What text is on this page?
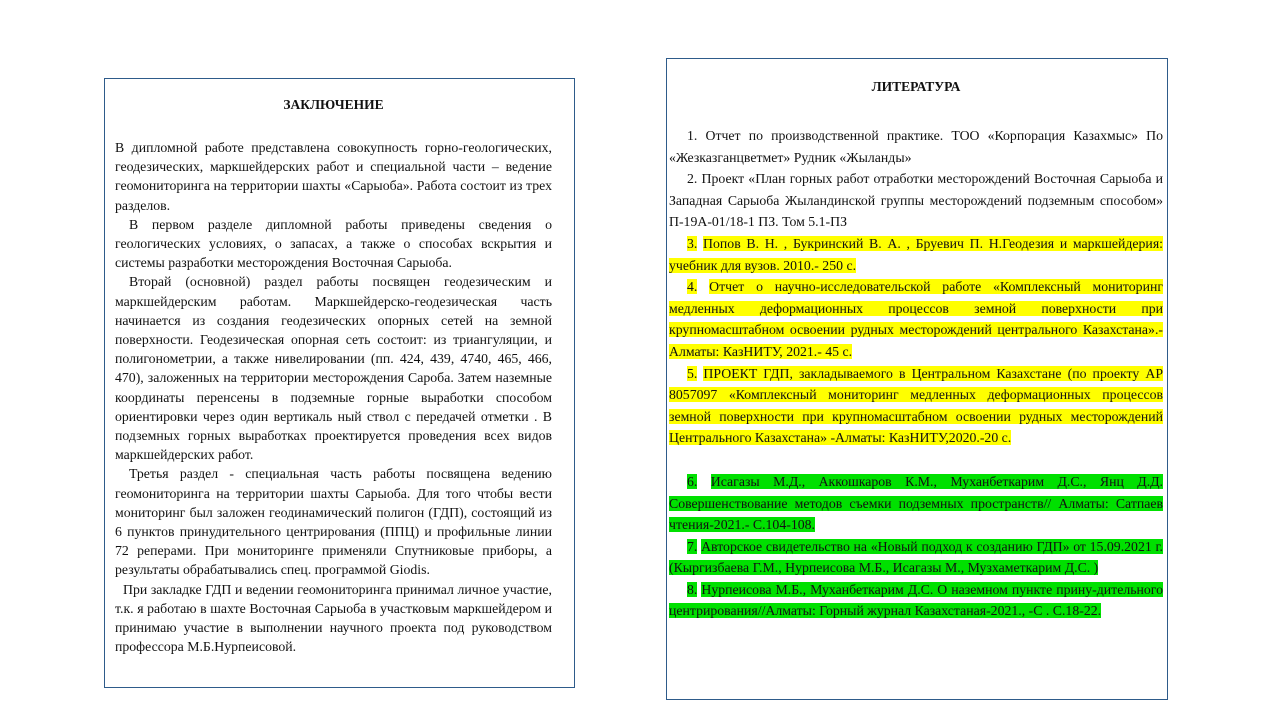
ЗАКЛЮЧЕНИЕ

В дипломной работе представлена совокупность горно-геологических, геодезических, маркшейдерских работ и специальной части – ведение геомониторинга на территории шахты «Сарыоба». Работа состоит из трех разделов.

В первом разделе дипломной работы приведены сведения о геологических условиях, о запасах, а также о способах вскрытия и системы разработки месторождения Восточная Сарыоба.

Вторай (основной) раздел работы посвящен геодезическим и маркшейдерским работам. Маркшейдерско-геодезическая часть начинается из создания геодезических опорных сетей на земной поверхности. Геодезическая опорная сеть состоит: из триангуляции, и полигонометрии, а также нивелировании (пп. 424, 439, 4740, 465, 466, 470), заложенных на территории месторождения Сароба. Затем наземные координаты перенсены в подземные горные выработки способом ориентировки через один вертикаль ный ствол с передачей отметки . В подземных горных выработках проектируется проведения всех видов маркшейдерских работ.

Третья раздел - специальная часть работы посвящена ведению геомониторинга на территории шахты Сарыоба. Для того чтобы вести мониторинг был заложен геодинамический полигон (ГДП), состоящий из 6 пунктов принудительного центрирования (ППЦ) и профильные линии 72 реперами. При мониторинге применяли Спутниковые приборы, а результаты обрабатывались спец. программой Giodis.

При закладке ГДП и ведении геомониторинга принимал личное участие, т.к. я работаю в шахте Восточная Сарыоба в участковым маркшейдером и принимаю участие в выполнении научного проекта под руководством профессора М.Б.Нурпеисовой.

ЛИТЕРАТУРА

1. Отчет по производственной практике. ТОО «Корпорация Казахмыс» По «Жезказганцветмет» Рудник «Жыланды»

2. Проект «План горных работ отработки месторождений Восточная Сарыоба и Западная Сарыоба Жыландинской группы месторождений подземным способом» П-19А-01/18-1 ПЗ. Том 5.1-ПЗ

3. Попов В. Н. , Букринский В. А. , Бруевич П. Н.Геодезия и маркшейдерия: учебник для вузов. 2010.- 250 с.

4. Отчет о научно-исследовательской работе «Комплексный мониторинг медленных деформационных процессов земной поверхности при крупномасштабном освоении рудных месторождений центрального Казахстана».-Алматы: КазНИТУ, 2021.- 45 с.

5. ПРОЕКТ ГДП, закладываемого в Центральном Казахстане (по проекту АР 8057097 «Комплексный мониторинг медленных деформационных процессов земной поверхности при крупномасштабном освоении рудных месторождений Центрального Казахстана» -Алматы: КазНИТУ,2020.-20 с.

6. Исагазы М.Д., Аккошкаров К.М., Муханбеткарим Д.С., Янц Д.Д. Совершенствование методов съемки подземных пространств// Алматы: Сатпаев чтения-2021.- С.104-108.

7. Авторское свидетельство на «Новый подход к созданию ГДП» от 15.09.2021 г. (Кыргизбаева Г.М., Нурпеисова М.Б., Исагазы М., Музхаметкарим Д.С. )

8. Нурпеисова М.Б., Муханбеткарим Д.С. О наземном пункте прину-дительного центрирования//Алматы: Горный журнал Казахстаная-2021., -С . С.18-22.
